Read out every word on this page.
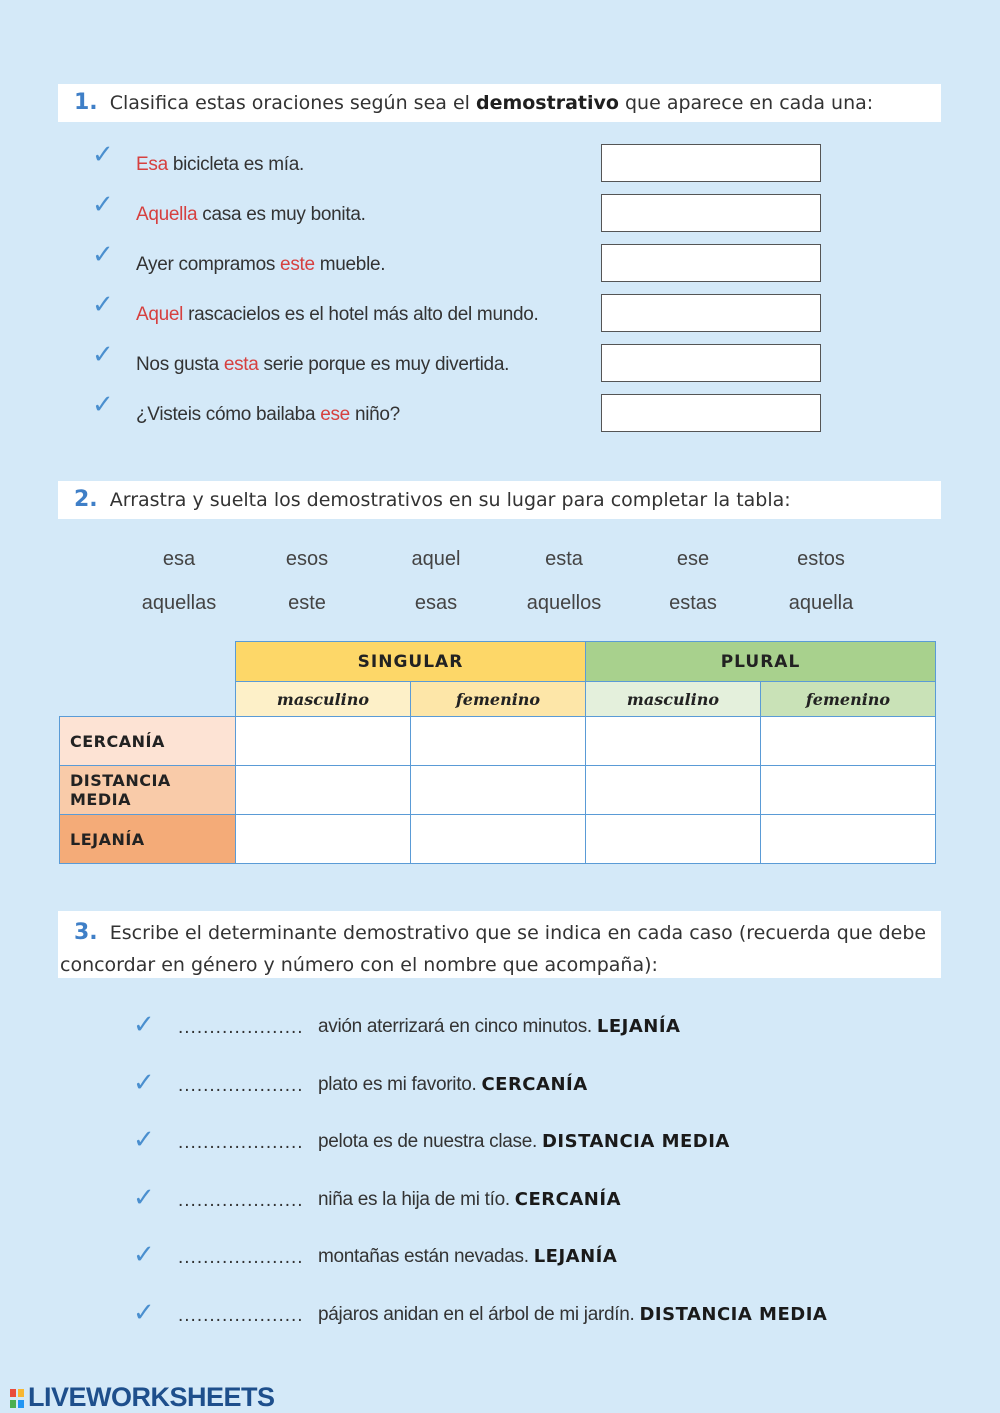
1. Clasifica estas oraciones según sea el demostrativo que aparece en cada una:
✓ Esa bicicleta es mía.
✓ Aquella casa es muy bonita.
✓ Ayer compramos este mueble.
✓ Aquel rascacielos es el hotel más alto del mundo.
✓ Nos gusta esta serie porque es muy divertida.
✓ ¿Visteis cómo bailaba ese niño?
2. Arrastra y suelta los demostrativos en su lugar para completar la tabla:
esa	esos	aquel	esta	ese	estos
aquellas	este	esas	aquellos	estas	aquella
	SINGULAR		PLURAL	
	masculino	femenino	masculino	femenino
CERCANÍA				
DISTANCIA MEDIA				
LEJANÍA				
3. Escribe el determinante demostrativo que se indica en cada caso (recuerda que debe concordar en género y número con el nombre que acompaña):
✓ .................... avión aterrizará en cinco minutos. LEJANÍA
✓ .................... plato es mi favorito. CERCANÍA
✓ .................... pelota es de nuestra clase. DISTANCIA MEDIA
✓ .................... niña es la hija de mi tío. CERCANÍA
✓ .................... montañas están nevadas. LEJANÍA
✓ .................... pájaros anidan en el árbol de mi jardín. DISTANCIA MEDIA
LIVEWORKSHEETS
